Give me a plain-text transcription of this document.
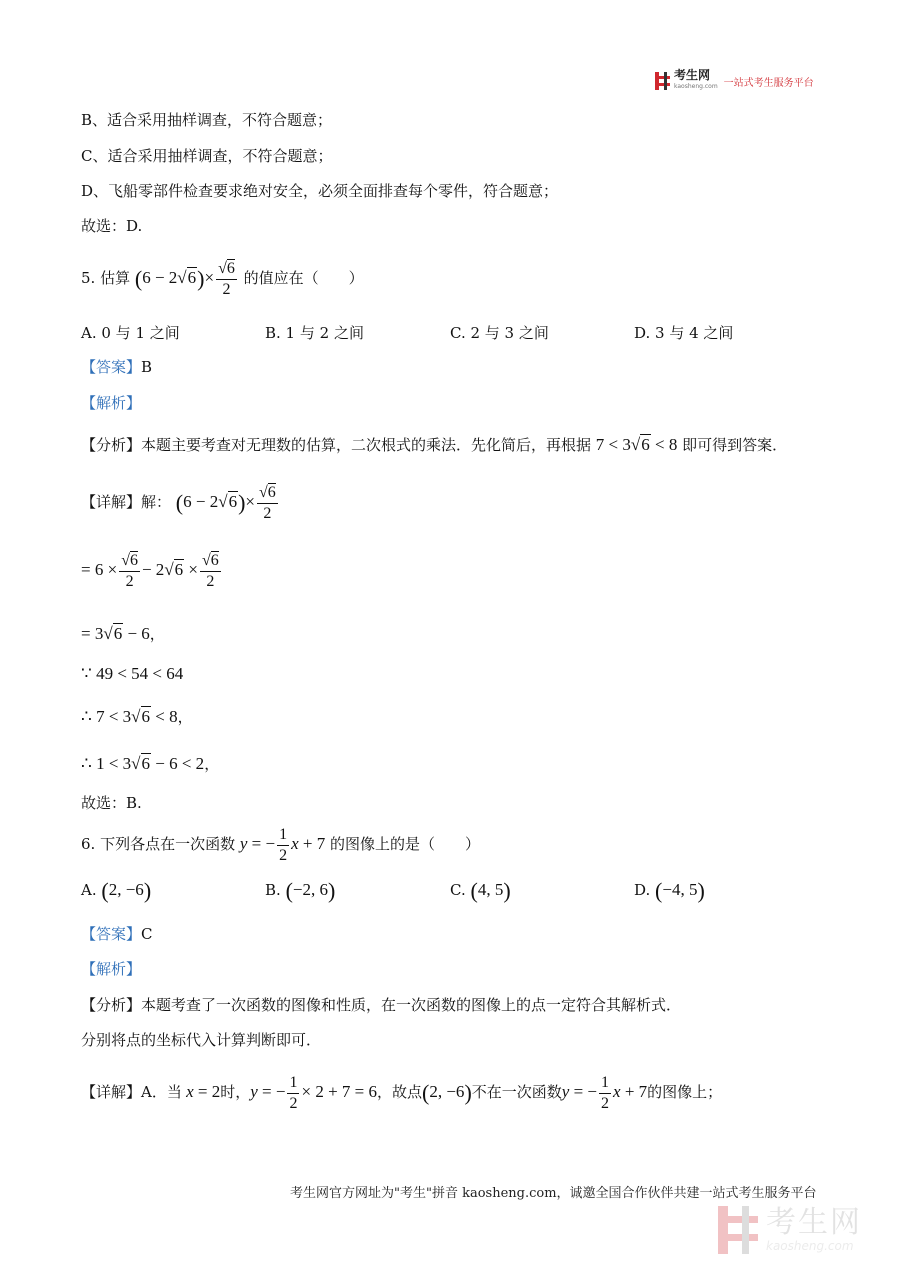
考生网
kaosheng.com 一站式考生服务平台
B、适合采用抽样调查，不符合题意；
C、适合采用抽样调查，不符合题意；
D、飞船零部件检查要求绝对安全，必须全面排查每个零件，符合题意；
故选：D.
5. 估算 $(6 - 2√6)\times \frac{√6}{2}$ 的值应在（　　）
A. 0 与 1 之间	B. 1 与 2 之间	C. 2 与 3 之间	D. 3 与 4 之间
【答案】B
【解析】
【分析】本题主要考查对无理数的估算，二次根式的乘法．先化简后，再根据 7 < 3√6 < 8 即可得到答案．
【详解】解： $(6 - 2√6)\times \frac{√6}{2}$
= $6 \times \frac{√6}{2} - 2√6 \times \frac{√6}{2}$
= 3√6 − 6，
∵ 49 < 54 < 64
∴ 7 < 3√6 < 8，
∴ 1 < 3√6 − 6 < 2，
故选：B.
6. 下列各点在一次函数 y = − $\frac{1}{2}$ x + 7 的图像上的是（　　）
A. (2, −6)	B. (−2, 6)	C. (4, 5)	D. (−4, 5)
【答案】C
【解析】
【分析】本题考查了一次函数的图像和性质，在一次函数的图像上的点一定符合其解析式．
分别将点的坐标代入计算判断即可．
【详解】A．当 x = 2时，y = − $\frac{1}{2} \times 2 + 7 = 6$，故点(2, −6)不在一次函数y = − $\frac{1}{2}$ x + 7的图像上；
考生网官方网址为"考生"拼音 kaosheng.com，诚邀全国合作伙伴共建一站式考生服务平台
考生网
kaosheng.com
